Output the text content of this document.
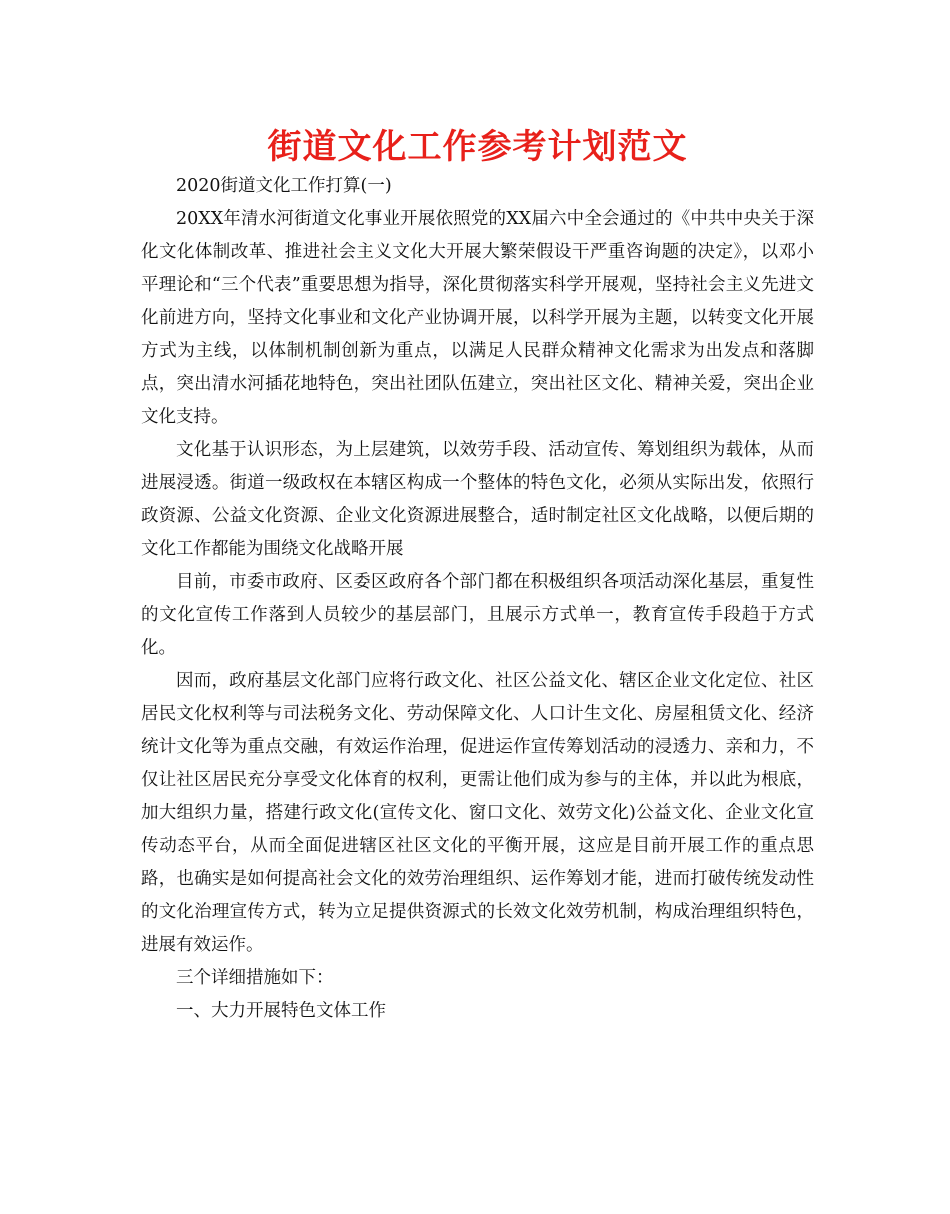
街道文化工作参考计划范文

2020街道文化工作打算(一)

20XX年清水河街道文化事业开展依照党的XX届六中全会通过的《中共中央关于深化文化体制改革、推进社会主义文化大开展大繁荣假设干严重咨询题的决定》，以邓小平理论和“三个代表”重要思想为指导，深化贯彻落实科学开展观，坚持社会主义先进文化前进方向，坚持文化事业和文化产业协调开展，以科学开展为主题，以转变文化开展方式为主线，以体制机制创新为重点，以满足人民群众精神文化需求为出发点和落脚点，突出清水河插花地特色，突出社团队伍建立，突出社区文化、精神关爱，突出企业文化支持。

文化基于认识形态，为上层建筑，以效劳手段、活动宣传、筹划组织为载体，从而进展浸透。街道一级政权在本辖区构成一个整体的特色文化，必须从实际出发，依照行政资源、公益文化资源、企业文化资源进展整合，适时制定社区文化战略，以便后期的文化工作都能为围绕文化战略开展

目前，市委市政府、区委区政府各个部门都在积极组织各项活动深化基层，重复性的文化宣传工作落到人员较少的基层部门，且展示方式单一，教育宣传手段趋于方式化。

因而，政府基层文化部门应将行政文化、社区公益文化、辖区企业文化定位、社区居民文化权利等与司法税务文化、劳动保障文化、人口计生文化、房屋租赁文化、经济统计文化等为重点交融，有效运作治理，促进运作宣传筹划活动的浸透力、亲和力，不仅让社区居民充分享受文化体育的权利，更需让他们成为参与的主体，并以此为根底，加大组织力量，搭建行政文化(宣传文化、窗口文化、效劳文化)公益文化、企业文化宣传动态平台，从而全面促进辖区社区文化的平衡开展，这应是目前开展工作的重点思路，也确实是如何提高社会文化的效劳治理组织、运作筹划才能，进而打破传统发动性的文化治理宣传方式，转为立足提供资源式的长效文化效劳机制，构成治理组织特色，进展有效运作。

三个详细措施如下：

一、大力开展特色文体工作
